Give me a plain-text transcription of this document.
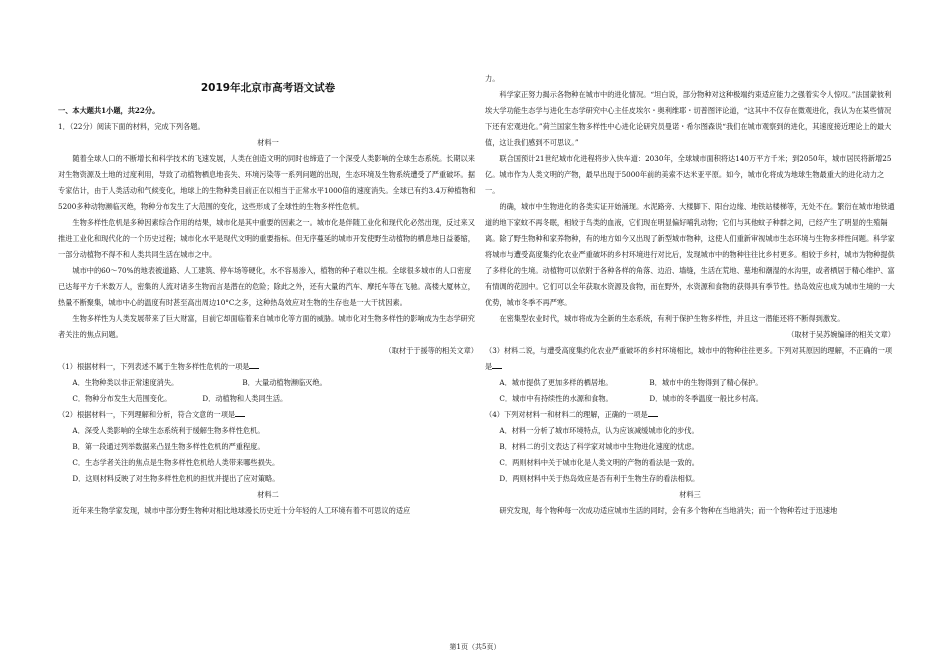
2019年北京市高考语文试卷

一、本大题共1小题，共22分。

1．（22分）阅读下面的材料，完成下列各题。

材料一

随着全球人口的不断增长和科学技术的飞速发展，人类在创造文明的同时也缔造了一个深受人类影响的全球生态系统。长期以来对生物资源及土地的过度利用，导致了动植物栖息地丧失、环境污染等一系列问题的出现，生态环境及生物系统遭受了严重破坏。据专家估计，由于人类活动和气候变化，地球上的生物种类目前正在以相当于正常水平1000倍的速度消失。全球已有约3.4万种植物和5200多种动物濒临灭绝，物种分布发生了大范围的变化，这些形成了全球性的生物多样性危机。

生物多样性危机是多种因素综合作用的结果，城市化是其中重要的因素之一。城市化是伴随工业化和现代化必然出现，反过来又推进工业化和现代化的一个历史过程；城市化水平是现代文明的重要指标。但无序蔓延的城市开发使野生动植物的栖息地日益萎缩，一部分动植物不得不和人类共同生活在城市之中。

城市中的60～70%的地表被道路、人工建筑、停车场等硬化，水不容易渗入，植物的种子难以生根。全球很多城市的人口密度已达每平方千米数万人，密集的人流对诸多生物而言是潜在的危险；除此之外，还有大量的汽车、摩托车等在飞驰。高楼大厦林立，热量不断聚集，城市中心的温度有时甚至高出周边10°C之多，这种热岛效应对生物的生存也是一大干扰因素。

生物多样性为人类发展带来了巨大财富，目前它却面临着来自城市化等方面的威胁。城市化对生物多样性的影响成为生态学研究者关注的焦点问题。

（取材于于援等的相关文章）

（1）根据材料一，下列表述不属于生物多样性危机的一项是

A．生物种类以非正常速度消失。	B．大量动植物濒临灭绝。
C．物种分布发生大范围变化。	D．动植物和人类同生活。

（2）根据材料一，下列理解和分析，符合文意的一项是

A．深受人类影响的全球生态系统利于缓解生物多样性危机。

B．第一段通过列举数据来凸显生物多样性危机的严重程度。

C．生态学者关注的焦点是生物多样性危机给人类带来哪些损失。

D．这则材料反映了对生物多样性危机的担忧并提出了应对策略。

材料二

近年来生物学家发现，城市中部分野生物种对相比地球漫长历史近十分年轻的人工环境有着不可思议的适应

力。

科学家正努力揭示各物种在城市中的进化情况。“坦白说，部分物种对这种极端约束适应能力之强着实令人惊叹。”法国蒙彼利埃大学功能生态学与进化生态学研究中心主任皮埃尔・奥利维耶・切普图评论道，“这其中不仅存在微观进化，我认为在某些情况下还有宏观进化。”荷兰国家生物多样性中心进化论研究员曼诺・希尔图森说“我们在城市观察到的进化，其速度接近理论上的最大值，这让我们感到不可思议。”

联合国预计21世纪城市化进程将步入快车道：2030年，全球城市面积将达140万平方千米；到2050年，城市居民将新增25亿。城市作为人类文明的产物，最早出现于5000年前的美索不达米亚平原。如今，城市化将成为地球生物最重大的进化动力之一。

的确，城市中生物进化的各类实证开始涌现。水泥路旁、大楼脚下、阳台边缘、地铁站楼梯等，无处不在。繁衍在城市地铁通道的地下家蚊不再冬眠，相较于鸟类的血液，它们现在明显偏好哺乳动物；它们与其他蚊子种群之间，已经产生了明显的生殖隔离。除了野生物种和家养物种，有的地方如今又出现了新型城市物种，这使人们重新审视城市生态环境与生物多样性问题。科学家将城市与遭受高度集约化农业严重破坏的乡村环境进行对比后，发现城市中的物种往往比乡村更多。相较于乡村，城市为物种提供了多样化的生境。动植物可以依附于各种各样的角落、边沿、墙缝，生活在荒地、墓地和潮湿的水沟里，或者栖居于精心维护、富有情调的花园中。它们可以全年获取水资源及食物，而在野外，水资源和食物的获得具有季节性。热岛效应也成为城市生境的一大优势，城市冬季不再严寒。

在密集型农业时代，城市将成为全新的生态系统，有利于保护生物多样性，并且这一潜能还将不断得到激发。

（取材于吴苏婉编译的相关文章）

（3）材料二说，与遭受高度集约化农业严重破坏的乡村环境相比，城市中的物种往往更多。下列对其原因的理解，不正确的一项是

A．城市提供了更加多样的栖居地。	B．城市中的生物得到了精心保护。
C．城市中有持续性的水源和食物。	D．城市的冬季温度一般比乡村高。

（4）下列对材料一和材料二的理解，正确的一项是

A．材料一分析了城市环境特点，认为应该减缓城市化的步伐。

B．材料二的引文表达了科学家对城市中生物进化速度的忧虑。

C．两则材料中关于城市化是人类文明的产物的看法是一致的。

D．两则材料中关于热岛效应是否有利于生物生存的看法相似。

材料三

研究发现，每个物种每一次成功适应城市生活的同时，会有多个物种在当地消失；而一个物种若过于迅速地

第1页（共5页）
